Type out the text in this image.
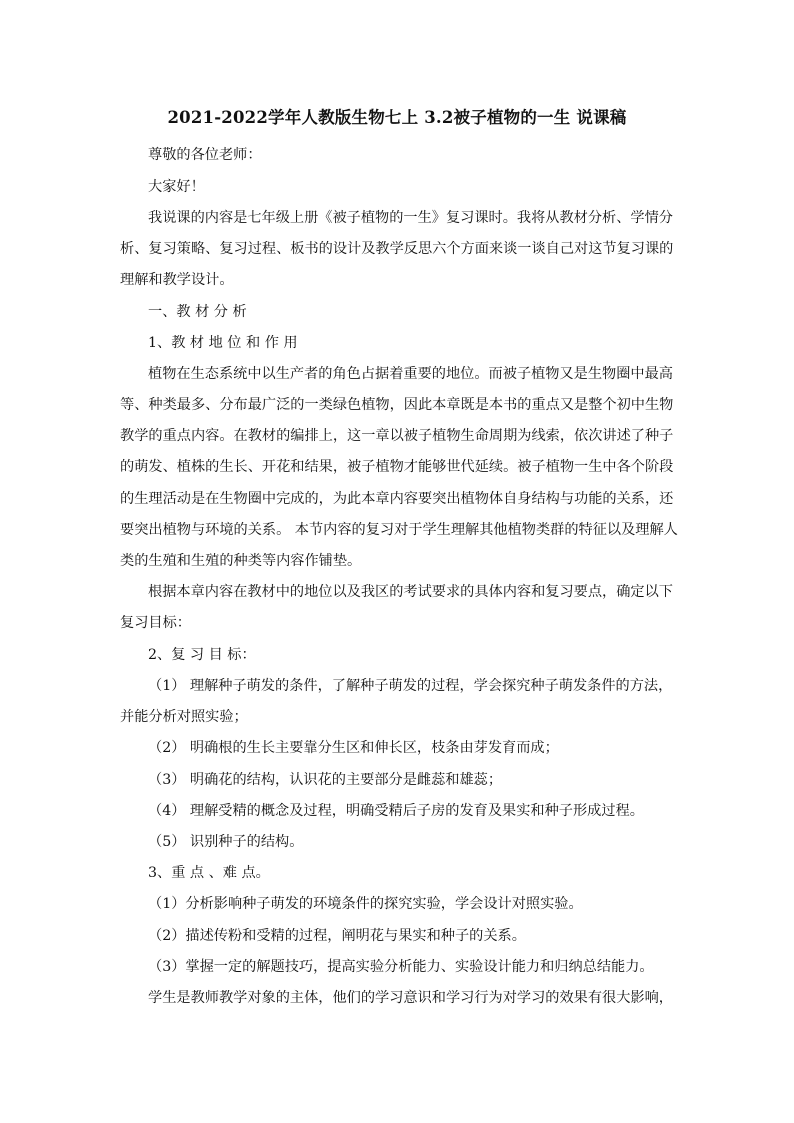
2021-2022学年人教版生物七上 3.2被子植物的一生 说课稿
尊敬的各位老师：
大家好！
我说课的内容是七年级上册《被子植物的一生》复习课时。我将从教材分析、学情分
析、复习策略、复习过程、板书的设计及教学反思六个方面来谈一谈自己对这节复习课的
理解和教学设计。
一、教 材 分 析
1、教 材 地 位 和 作 用
植物在生态系统中以生产者的角色占据着重要的地位。而被子植物又是生物圈中最高
等、种类最多、分布最广泛的一类绿色植物，因此本章既是本书的重点又是整个初中生物
教学的重点内容。在教材的编排上，这一章以被子植物生命周期为线索，依次讲述了种子
的萌发、植株的生长、开花和结果，被子植物才能够世代延续。被子植物一生中各个阶段
的生理活动是在生物圈中完成的，为此本章内容要突出植物体自身结构与功能的关系，还
要突出植物与环境的关系。 本节内容的复习对于学生理解其他植物类群的特征以及理解人
类的生殖和生殖的种类等内容作铺垫。
根据本章内容在教材中的地位以及我区的考试要求的具体内容和复习要点，确定以下
复习目标：
2、复 习 目 标：
（1） 理解种子萌发的条件，了解种子萌发的过程，学会探究种子萌发条件的方法，
并能分析对照实验；
（2） 明确根的生长主要靠分生区和伸长区，枝条由芽发育而成；
（3） 明确花的结构，认识花的主要部分是雌蕊和雄蕊；
（4） 理解受精的概念及过程，明确受精后子房的发育及果实和种子形成过程。
（5） 识别种子的结构。
3、重 点 、难 点。
（1）分析影响种子萌发的环境条件的探究实验，学会设计对照实验。
（2）描述传粉和受精的过程，阐明花与果实和种子的关系。
（3）掌握一定的解题技巧，提高实验分析能力、实验设计能力和归纳总结能力。
学生是教师教学对象的主体，他们的学习意识和学习行为对学习的效果有很大影响，
